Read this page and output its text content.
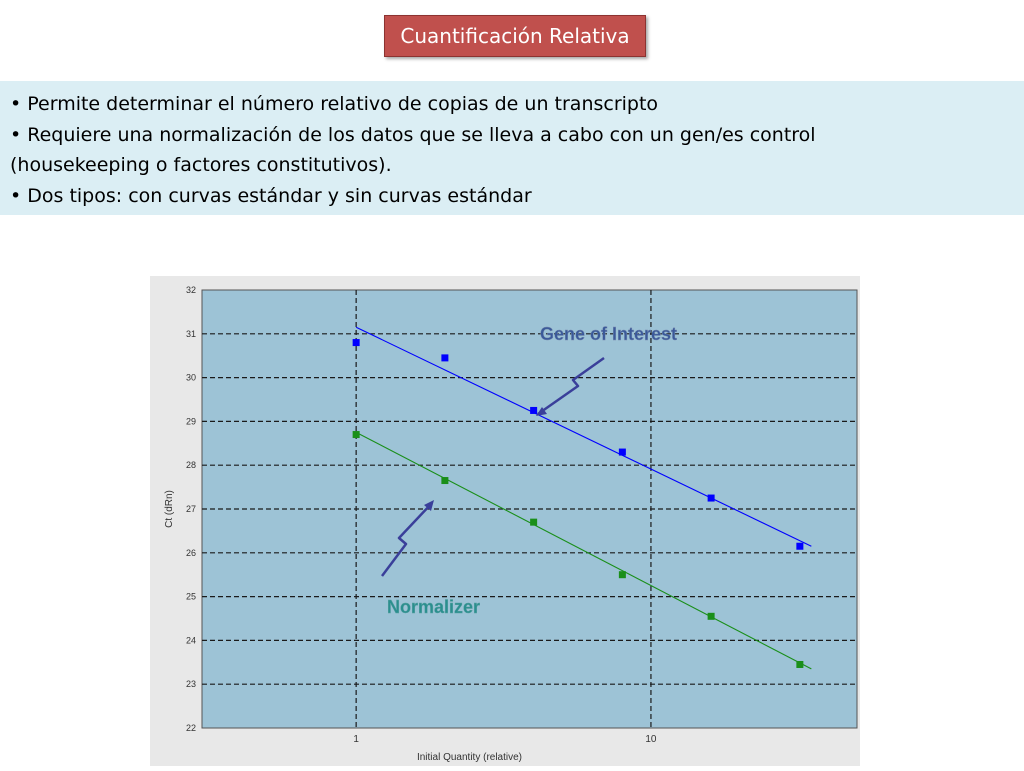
Cuantificación Relativa

• Permite determinar el número relativo de copias de un transcripto

• Requiere una normalización de los datos que se lleva a cabo con un gen/es control

(housekeeping o factores constitutivos).

• Dos tipos: con curvas estándar y sin curvas estándar

22
23
24
25
26
27
28
29
30
31
32
1	10
Gene of Interest
Normalizer
Initial Quantity (relative)
Ct (dRn)
